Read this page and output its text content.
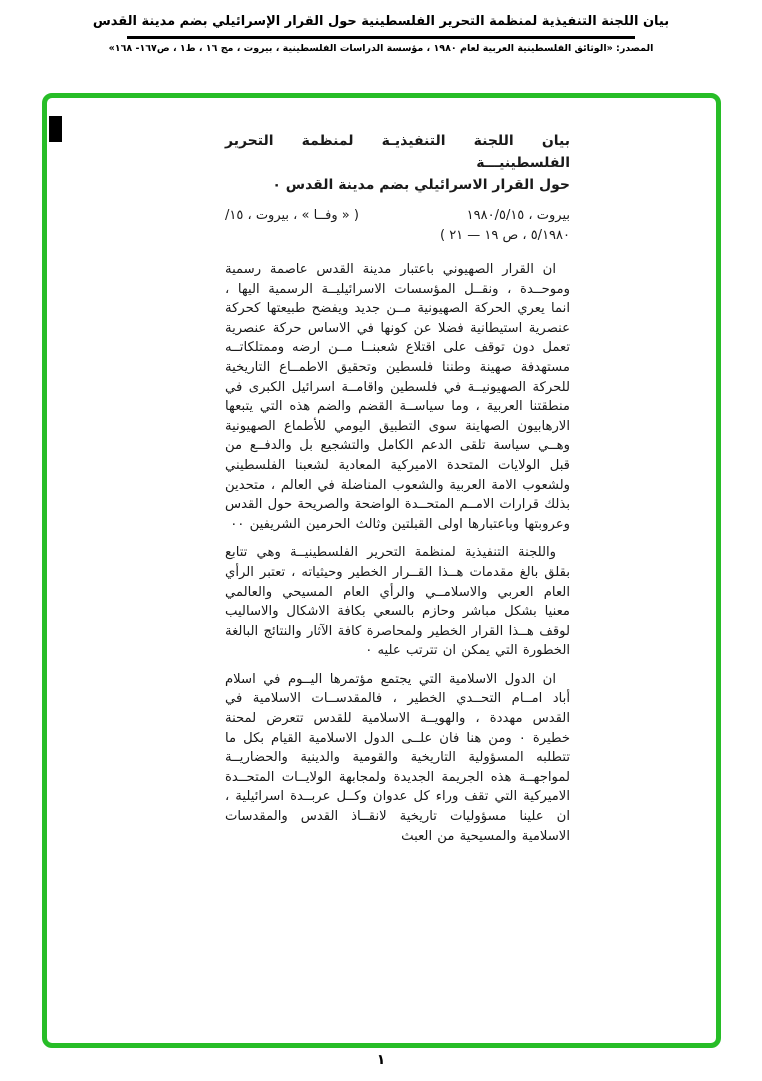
بيان اللجنة التنفيذية لمنظمة التحرير الفلسطينية حول القرار الإسرائيلي بضم مدينة القدس
المصدر: «الوثائق الفلسطينية العربية لعام ١٩٨٠ ، مؤسسة الدراسات الفلسطينية ، بيروت ، مج ١٦ ، ط١ ، ص١٦٧- ١٦٨»
بيان اللجنة التنفيذيـة لمنظمة التحرير الفلسطينيـــة
حول القرار الاسرائيلي بضم مدينة القدس ٠
بيروت ، ١٩٨٠/٥/١٥
( « وفــا » ، بيروت ، ١٥/
٥/١٩٨٠ ، ص ١٩ — ٢١ )

ان القرار الصهيوني باعتبار مدينة القدس عاصمة رسمية وموحــدة ، ونقــل المؤسسات الاسرائيليــة الرسمية اليها ، انما يعري الحركة الصهيونية مــن جديد ويفضح طبيعتها كحركة عنصرية استيطانية فضلا عن كونها في الاساس حركة عنصرية تعمل دون توقف على اقتلاع شعبنــا مــن ارضه وممتلكاتــه مستهدفة صهينة وطننا فلسطين وتحقيق الاطمــاع التاريخية للحركة الصهيونيــة في فلسطين واقامــة اسرائيل الكبرى في منطقتنا العربية ، وما سياســة القضم والضم هذه التي يتبعها الارهابيون الصهاينة سوى التطبيق اليومي للأطماع الصهيونية وهــي سياسة تلقى الدعم الكامل والتشجيع بل والدفــع من قبل الولايات المتحدة الاميركية المعادية لشعبنا الفلسطيني ولشعوب الامة العربية والشعوب المناضلة في العالم ، متحدين بذلك قرارات الامــم المتحــدة الواضحة والصريحة حول القدس وعروبتها وباعتبارها اولى القبلتين وثالث الحرمين الشريفين ٠٠

واللجنة التنفيذية لمنظمة التحرير الفلسطينيــة وهي تتابع بقلق بالغ مقدمات هــذا القــرار الخطير وحيثياته ، تعتبر الرأي العام العربي والاسلامــي والرأي العام المسيحي والعالمي معنيا بشكل مباشر وحازم بالسعي بكافة الاشكال والاساليب لوقف هــذا القرار الخطير ولمحاصرة كافة الآثار والنتائج البالغة الخطورة التي يمكن ان تترتب عليه ٠

ان الدول الاسلامية التي يجتمع مؤتمرها اليــوم في اسلام أباد امــام التحــدي الخطير ، فالمقدســات الاسلامية في القدس مهددة ، والهويــة الاسلامية للقدس تتعرض لمحنة خطيرة ٠ ومن هنا فان علــى الدول الاسلامية القيام بكل ما تتطلبه المسؤولية التاريخية والقومية والدينية والحضاريــة لمواجهــة هذه الجريمة الجديدة ولمجابهة الولايــات المتحــدة الاميركية التي تقف وراء كل عدوان وكــل عربــدة اسرائيلية ، ان علينا مسؤوليات تاريخية لانقــاذ القدس والمقدسات الاسلامية والمسيحية من العبث

١
